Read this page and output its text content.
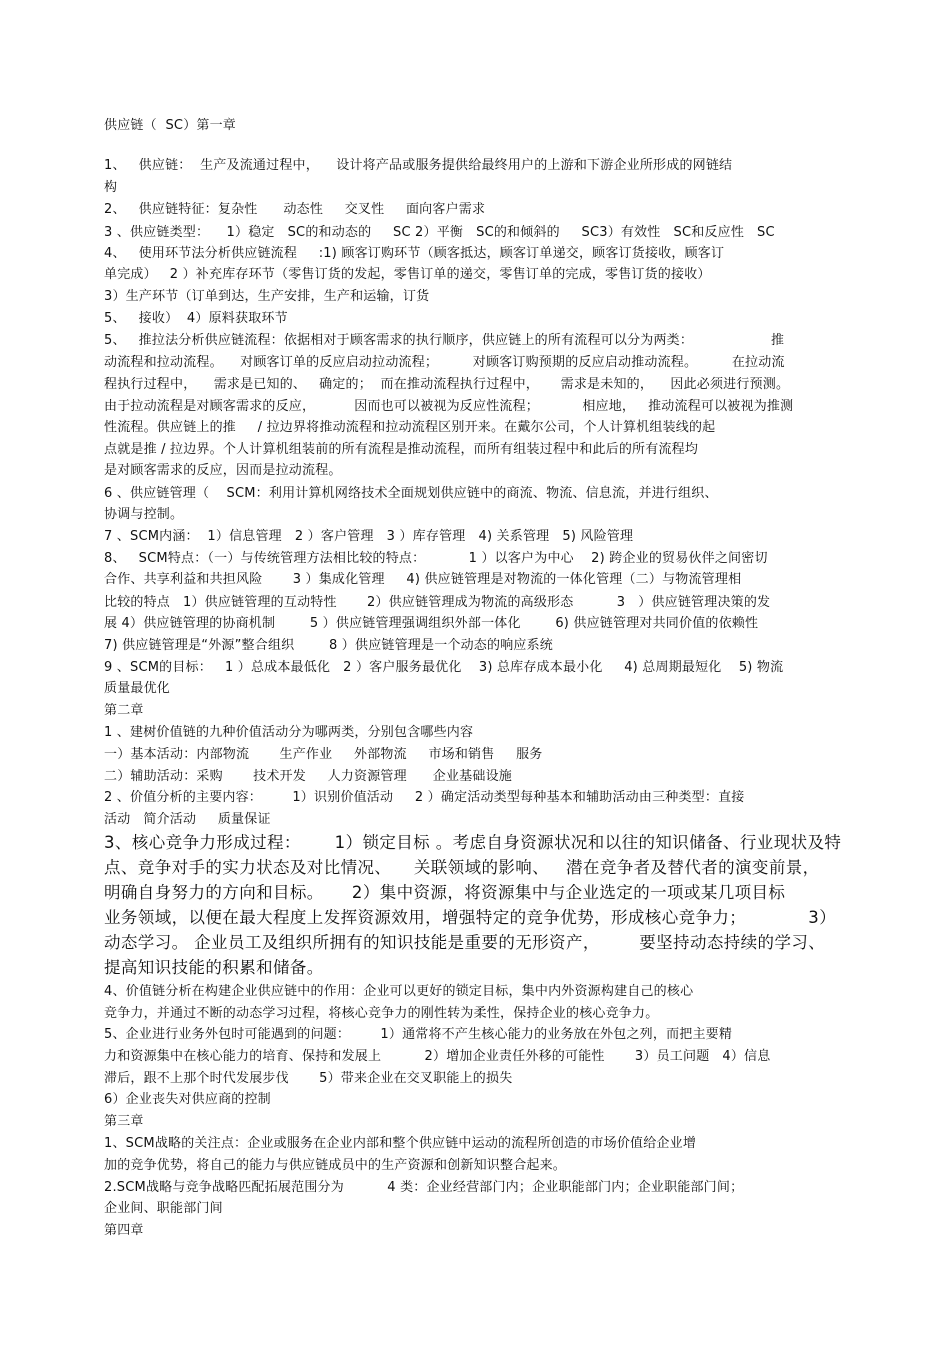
供应链（  SC）第一章
1、   供应链：  生产及流通过程中，    设计将产品或服务提供给最终用户的上游和下游企业所形成的网链结
构
2、   供应链特征：复杂性      动态性     交叉性     面向客户需求
3 、供应链类型：    1）稳定   SC的和动态的     SC 2）平衡   SC的和倾斜的     SC3）有效性   SC和反应性   SC
4、   使用环节法分析供应链流程     :1) 顾客订购环节（顾客抵达，顾客订单递交，顾客订货接收，顾客订
单完成）   2 ）补充库存环节（零售订货的发起，零售订单的递交，零售订单的完成，零售订货的接收）
3）生产环节（订单到达，生产安排，生产和运输，订货
5、   接收）  4）原料获取环节
5、   推拉法分析供应链流程：依据相对于顾客需求的执行顺序，供应链上的所有流程可以分为两类：                  推
动流程和拉动流程。    对顾客订单的反应启动拉动流程；        对顾客订购预期的反应启动推动流程。        在拉动流
程执行过程中，    需求是已知的、   确定的；  而在推动流程执行过程中，     需求是未知的，    因此必须进行预测。
由于拉动流程是对顾客需求的反应，         因而也可以被视为反应性流程；          相应地，   推动流程可以被视为推测
性流程。供应链上的推     / 拉边界将推动流程和拉动流程区别开来。在戴尔公司，个人计算机组装线的起
点就是推 / 拉边界。个人计算机组装前的所有流程是推动流程，而所有组装过程中和此后的所有流程均
是对顾客需求的反应，因而是拉动流程。
6 、供应链管理（    SCM：利用计算机网络技术全面规划供应链中的商流、物流、信息流，并进行组织、
协调与控制。
7 、SCM内涵：  1）信息管理   2 ）客户管理   3 ）库存管理   4) 关系管理   5) 风险管理
8、   SCM特点：（一）与传统管理方法相比较的特点：          1 ）以客户为中心    2) 跨企业的贸易伙伴之间密切
合作、共享利益和共担风险       3 ）集成化管理     4) 供应链管理是对物流的一体化管理（二）与物流管理相
比较的特点   1）供应链管理的互动特性       2）供应链管理成为物流的高级形态          3   ）供应链管理决策的发
展 4）供应链管理的协商机制        5 ）供应链管理强调组织外部一体化        6) 供应链管理对共同价值的依赖性
7) 供应链管理是“外源”整合组织        8 ）供应链管理是一个动态的响应系统
9 、SCM的目标：   1 ）总成本最低化   2 ）客户服务最优化    3) 总库存成本最小化     4) 总周期最短化    5) 物流
质量最优化
第二章
1 、建树价值链的九种价值活动分为哪两类，分别包含哪些内容
一）基本活动：内部物流       生产作业     外部物流     市场和销售     服务
二）辅助活动：采购       技术开发     人力资源管理      企业基础设施
2 、价值分析的主要内容：       1）识别价值活动     2 ）确定活动类型每种基本和辅助活动由三种类型：直接
活动   简介活动     质量保证
3、核心竞争力形成过程：      1）锁定目标 。考虑自身资源状况和以往的知识储备、行业现状及特
点、竞争对手的实力状态及对比情况、    关联领域的影响、   潜在竞争者及替代者的演变前景，
明确自身努力的方向和目标。     2）集中资源，将资源集中与企业选定的一项或某几项目标
业务领域，以便在最大程度上发挥资源效用，增强特定的竞争优势，形成核心竞争力；           3）
动态学习。 企业员工及组织所拥有的知识技能是重要的无形资产，       要坚持动态持续的学习、
提高知识技能的积累和储备。
4、价值链分析在构建企业供应链中的作用：企业可以更好的锁定目标，集中内外资源构建自己的核心
竞争力，并通过不断的动态学习过程，将核心竞争力的刚性转为柔性，保持企业的核心竞争力。
5、企业进行业务外包时可能遇到的问题：       1）通常将不产生核心能力的业务放在外包之列，而把主要精
力和资源集中在核心能力的培育、保持和发展上          2）增加企业责任外移的可能性       3）员工问题   4）信息
滞后，跟不上那个时代发展步伐       5）带来企业在交叉职能上的损失
6）企业丧失对供应商的控制
第三章
1、SCM战略的关注点：企业或服务在企业内部和整个供应链中运动的流程所创造的市场价值给企业增
加的竞争优势，将自己的能力与供应链成员中的生产资源和创新知识整合起来。
2.SCM战略与竞争战略匹配拓展范围分为          4 类：企业经营部门内；企业职能部门内；企业职能部门间；
企业间、职能部门间
第四章
